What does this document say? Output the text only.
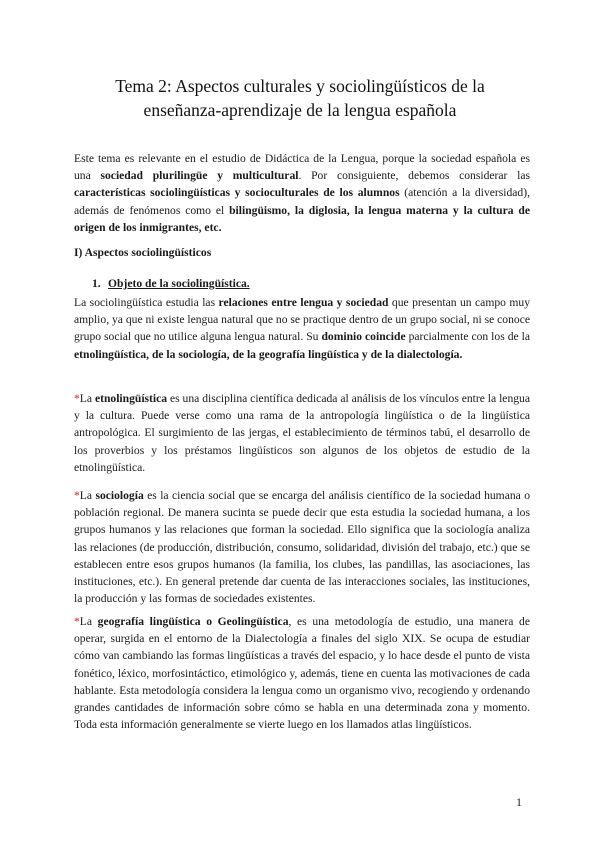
Tema 2: Aspectos culturales y sociolingüísticos de la
enseñanza-aprendizaje de la lengua española
Este tema es relevante en el estudio de Didáctica de la Lengua, porque la sociedad española es una sociedad plurilingüe y multicultural. Por consiguiente, debemos considerar las características sociolingüísticas y socioculturales de los alumnos (atención a la diversidad), además de fenómenos como el bilingüismo, la diglosia, la lengua materna y la cultura de origen de los inmigrantes, etc.
I) Aspectos sociolingüísticos
1. Objeto de la sociolingüística.
La sociolingüística estudia las relaciones entre lengua y sociedad que presentan un campo muy amplio, ya que ni existe lengua natural que no se practique dentro de un grupo social, ni se conoce grupo social que no utilice alguna lengua natural. Su dominio coincide parcialmente con los de la etnolingüística, de la sociología, de la geografía lingüística y de la dialectología.
*La etnolingüística es una disciplina científica dedicada al análisis de los vínculos entre la lengua y la cultura. Puede verse como una rama de la antropología lingüística o de la lingüística antropológica. El surgimiento de las jergas, el establecimiento de términos tabú, el desarrollo de los proverbios y los préstamos lingüísticos son algunos de los objetos de estudio de la etnolingüística.
*La sociología es la ciencia social que se encarga del análisis científico de la sociedad humana o población regional. De manera sucinta se puede decir que esta estudia la sociedad humana, a los grupos humanos y las relaciones que forman la sociedad. Ello significa que la sociología analiza las relaciones (de producción, distribución, consumo, solidaridad, división del trabajo, etc.) que se establecen entre esos grupos humanos (la familia, los clubes, las pandillas, las asociaciones, las instituciones, etc.). En general pretende dar cuenta de las interacciones sociales, las instituciones, la producción y las formas de sociedades existentes.
*La geografía lingüística o Geolingüística, es una metodología de estudio, una manera de operar, surgida en el entorno de la Dialectología a finales del siglo XIX. Se ocupa de estudiar cómo van cambiando las formas lingüísticas a través del espacio, y lo hace desde el punto de vista fonético, léxico, morfosintáctico, etimológico y, además, tiene en cuenta las motivaciones de cada hablante. Esta metodología considera la lengua como un organismo vivo, recogiendo y ordenando grandes cantidades de información sobre cómo se habla en una determinada zona y momento. Toda esta información generalmente se vierte luego en los llamados atlas lingüísticos.
1
